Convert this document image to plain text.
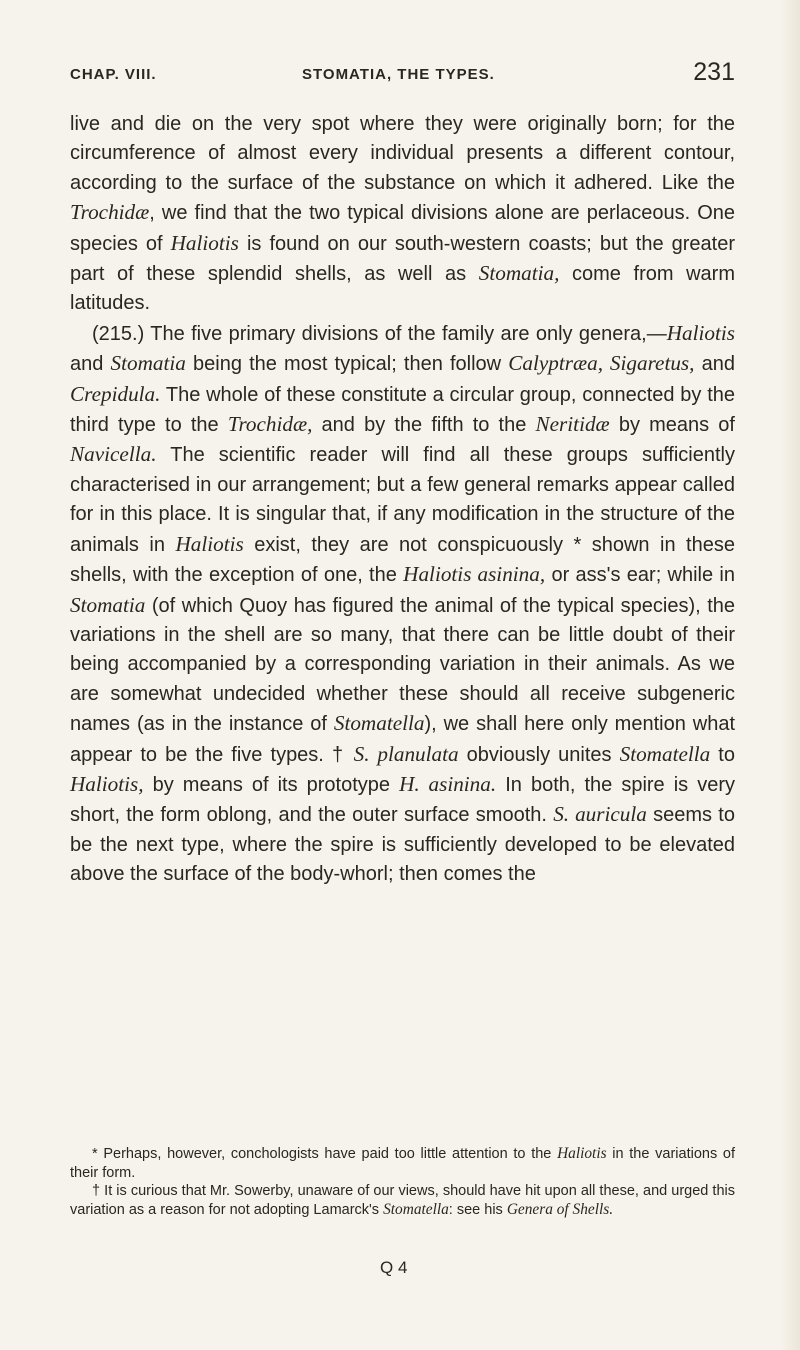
CHAP. VIII.	STOMATIA, THE TYPES.	231

live and die on the very spot where they were originally born; for the circumference of almost every individual presents a different contour, according to the surface of the substance on which it adhered. Like the Trochidæ, we find that the two typical divisions alone are perlaceous. One species of Haliotis is found on our south-western coasts; but the greater part of these splendid shells, as well as Stomatia, come from warm latitudes.

(215.) The five primary divisions of the family are only genera,—Haliotis and Stomatia being the most typical; then follow Calyptræa, Sigaretus, and Crepidula. The whole of these constitute a circular group, connected by the third type to the Trochidæ, and by the fifth to the Neritidæ by means of Navicella. The scientific reader will find all these groups sufficiently characterised in our arrangement; but a few general remarks appear called for in this place. It is singular that, if any modification in the structure of the animals in Haliotis exist, they are not conspicuously * shown in these shells, with the exception of one, the Haliotis asinina, or ass's ear; while in Stomatia (of which Quoy has figured the animal of the typical species), the variations in the shell are so many, that there can be little doubt of their being accompanied by a corresponding variation in their animals. As we are somewhat undecided whether these should all receive subgeneric names (as in the instance of Stomatella), we shall here only mention what appear to be the five types. † S. planulata obviously unites Stomatella to Haliotis, by means of its prototype H. asinina. In both, the spire is very short, the form oblong, and the outer surface smooth. S. auricula seems to be the next type, where the spire is sufficiently developed to be elevated above the surface of the body-whorl; then comes the

* Perhaps, however, conchologists have paid too little attention to the Haliotis in the variations of their form.

† It is curious that Mr. Sowerby, unaware of our views, should have hit upon all these, and urged this variation as a reason for not adopting Lamarck's Stomatella: see his Genera of Shells.

Q 4
